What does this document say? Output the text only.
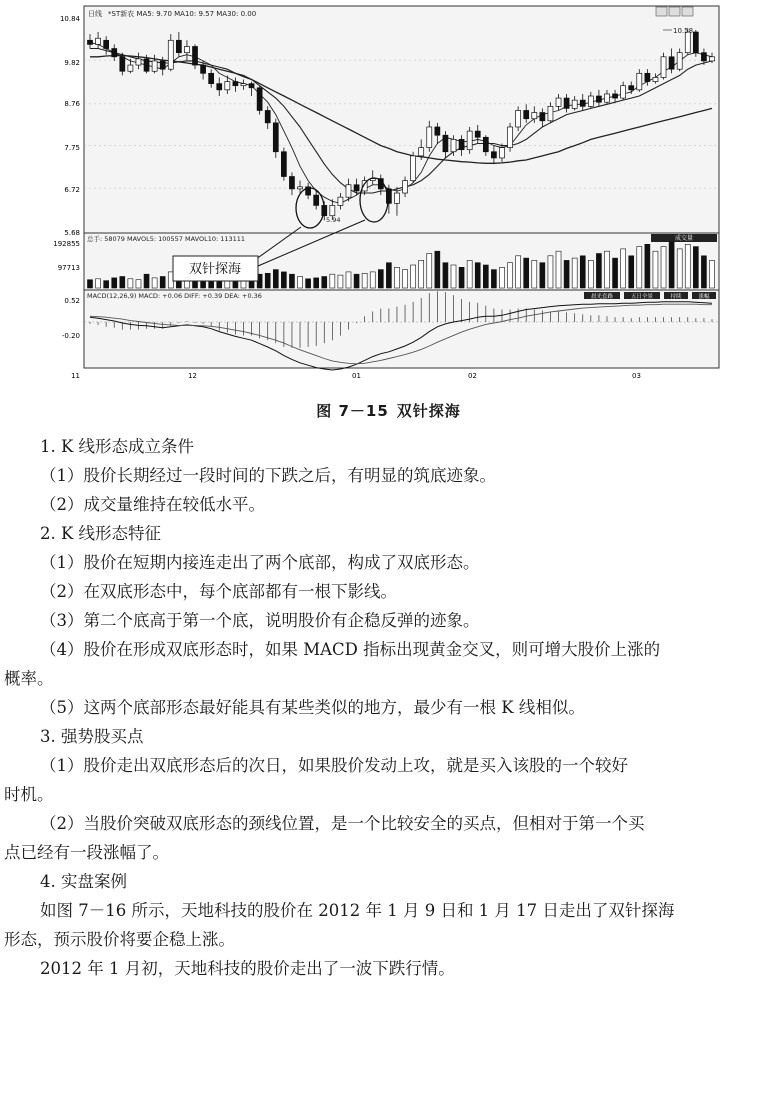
日线 *ST新农 MA5: 9.70 MA10: 9.57 MA30: 0.00
10.84
9.82
8.76
7.75
6.72
5.68
10.58
5.94
总手: 58079 MAVOL5: 100557 MAVOL10: 113111	成交量
192855
97713	双针探海
MACD(12,26,9) MACD: +0.06 DIFF: +0.39 DEA: +0.36	晨光套路	五日全景	持续	涨幅
0.52
-0.20
11	12	01	02	03
图 7－15 双针探海

1. K 线形态成立条件

（1）股价长期经过一段时间的下跌之后，有明显的筑底迹象。

（2）成交量维持在较低水平。

2. K 线形态特征

（1）股价在短期内接连走出了两个底部，构成了双底形态。

（2）在双底形态中，每个底部都有一根下影线。

（3）第二个底高于第一个底，说明股价有企稳反弹的迹象。

（4）股价在形成双底形态时，如果 MACD 指标出现黄金交叉，则可增大股价上涨的

概率。

（5）这两个底部形态最好能具有某些类似的地方，最少有一根 K 线相似。

3. 强势股买点

（1）股价走出双底形态后的次日，如果股价发动上攻，就是买入该股的一个较好

时机。

（2）当股价突破双底形态的颈线位置，是一个比较安全的买点，但相对于第一个买

点已经有一段涨幅了。

4. 实盘案例

如图 7－16 所示，天地科技的股价在 2012 年 1 月 9 日和 1 月 17 日走出了双针探海

形态，预示股价将要企稳上涨。

2012 年 1 月初，天地科技的股价走出了一波下跌行情。
